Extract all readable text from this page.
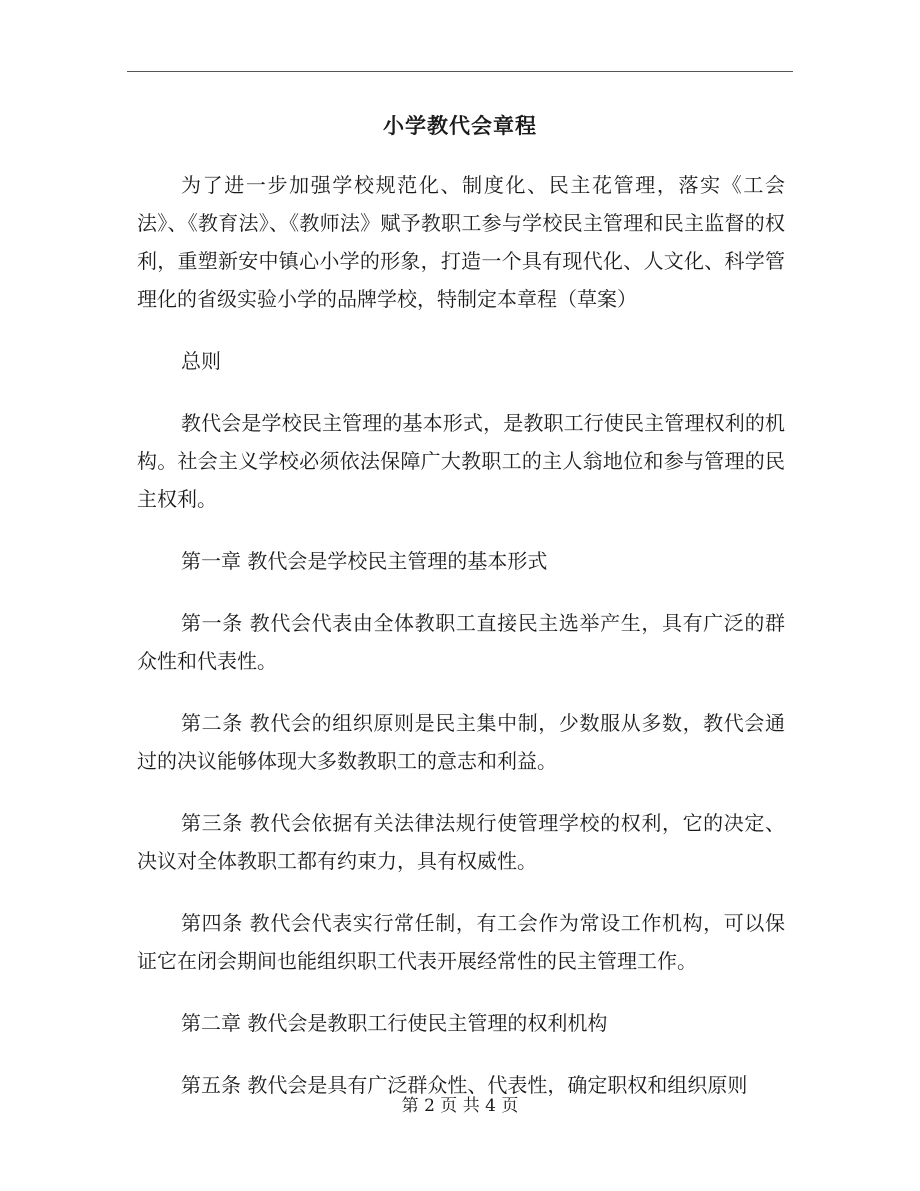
小学教代会章程

为了进一步加强学校规范化、制度化、民主花管理，落实《工会法》、《教育法》、《教师法》赋予教职工参与学校民主管理和民主监督的权利，重塑新安中镇心小学的形象，打造一个具有现代化、人文化、科学管理化的省级实验小学的品牌学校，特制定本章程（草案）

总则

教代会是学校民主管理的基本形式，是教职工行使民主管理权利的机构。社会主义学校必须依法保障广大教职工的主人翁地位和参与管理的民主权利。

第一章 教代会是学校民主管理的基本形式

第一条 教代会代表由全体教职工直接民主选举产生，具有广泛的群众性和代表性。

第二条 教代会的组织原则是民主集中制，少数服从多数，教代会通过的决议能够体现大多数教职工的意志和利益。

第三条 教代会依据有关法律法规行使管理学校的权利，它的决定、决议对全体教职工都有约束力，具有权威性。

第四条 教代会代表实行常任制，有工会作为常设工作机构，可以保证它在闭会期间也能组织职工代表开展经常性的民主管理工作。

第二章 教代会是教职工行使民主管理的权利机构

第五条 教代会是具有广泛群众性、代表性，确定职权和组织原则

第 2 页 共 4 页
